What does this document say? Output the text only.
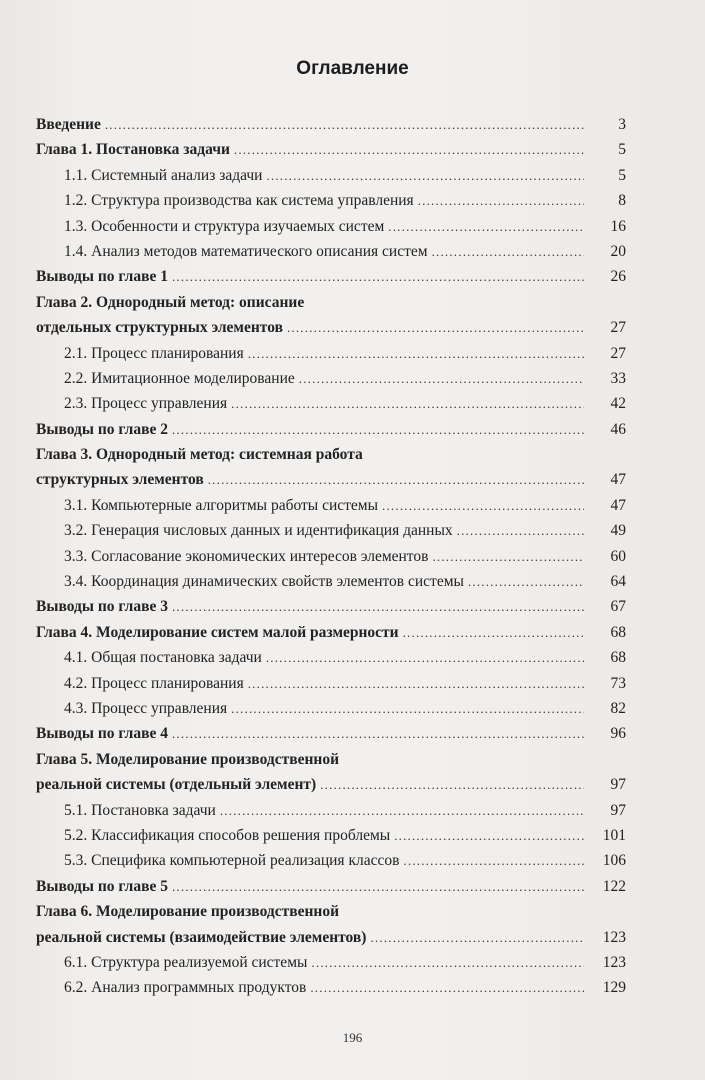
Оглавление
Введение .....	3
Глава 1. Постановка задачи .....	5
1.1. Системный анализ задачи .....	5
1.2. Структура производства как система управления .....	8
1.3. Особенности и структура изучаемых систем .....	16
1.4. Анализ методов математического описания систем .....	20
Выводы по главе 1 .....	26
Глава 2. Однородный метод: описание
отдельных структурных элементов .....	27
2.1. Процесс планирования .....	27
2.2. Имитационное моделирование .....	33
2.3. Процесс управления .....	42
Выводы по главе 2 .....	46
Глава 3. Однородный метод: системная работа
структурных элементов .....	47
3.1. Компьютерные алгоритмы работы системы .....	47
3.2. Генерация числовых данных и идентификация данных .....	49
3.3. Согласование экономических интересов элементов .....	60
3.4. Координация динамических свойств элементов системы .....	64
Выводы по главе 3 .....	67
Глава 4. Моделирование систем малой размерности .....	68
4.1. Общая постановка задачи .....	68
4.2. Процесс планирования .....	73
4.3. Процесс управления .....	82
Выводы по главе 4 .....	96
Глава 5. Моделирование производственной
реальной системы (отдельный элемент) .....	97
5.1. Постановка задачи .....	97
5.2. Классификация способов решения проблемы .....	101
5.3. Специфика компьютерной реализация классов .....	106
Выводы по главе 5 .....	122
Глава 6. Моделирование производственной
реальной системы (взаимодействие элементов) .....	123
6.1. Структура реализуемой системы .....	123
6.2. Анализ программных продуктов .....	129
196
